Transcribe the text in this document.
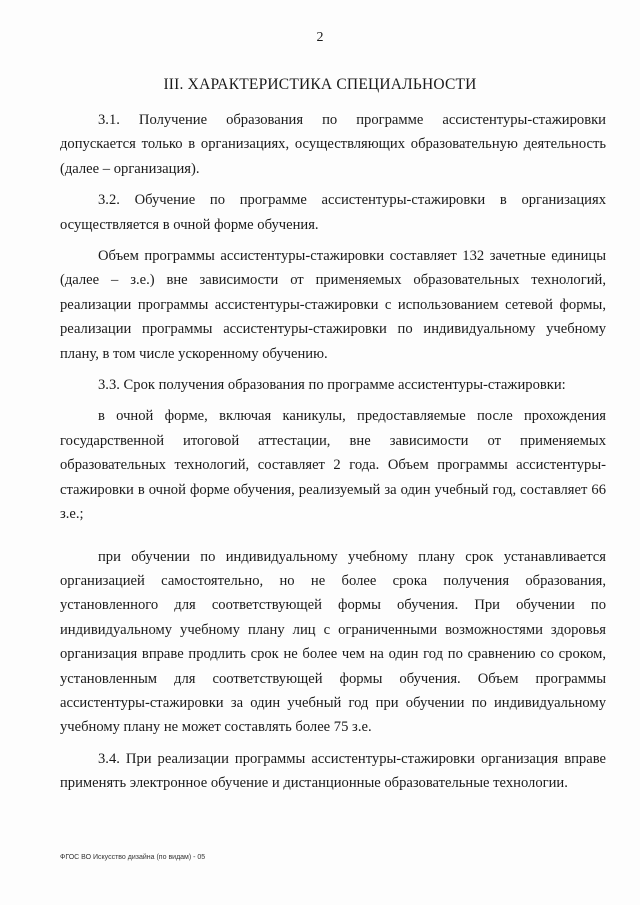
2
III. ХАРАКТЕРИСТИКА СПЕЦИАЛЬНОСТИ

3.1. Получение образования по программе ассистентуры-стажировки допускается только в организациях, осуществляющих образовательную деятельность (далее – организация).

3.2. Обучение по программе ассистентуры-стажировки в организациях осуществляется в очной форме обучения.

Объем программы ассистентуры-стажировки составляет 132 зачетные единицы (далее – з.е.) вне зависимости от применяемых образовательных технологий, реализации программы ассистентуры-стажировки с использованием сетевой формы, реализации программы ассистентуры-стажировки по индивидуальному учебному плану, в том числе ускоренному обучению.

3.3. Срок получения образования по программе ассистентуры-стажировки:

в очной форме, включая каникулы, предоставляемые после прохождения государственной итоговой аттестации, вне зависимости от применяемых образовательных технологий, составляет 2 года. Объем программы ассистентуры-стажировки в очной форме обучения, реализуемый за один учебный год, составляет 66 з.е.;

при обучении по индивидуальному учебному плану срок устанавливается организацией самостоятельно, но не более срока получения образования, установленного для соответствующей формы обучения. При обучении по индивидуальному учебному плану лиц с ограниченными возможностями здоровья организация вправе продлить срок не более чем на один год по сравнению со сроком, установленным для соответствующей формы обучения. Объем программы ассистентуры-стажировки за один учебный год при обучении по индивидуальному учебному плану не может составлять более 75 з.е.

3.4. При реализации программы ассистентуры-стажировки организация вправе применять электронное обучение и дистанционные образовательные технологии.

ФГОС ВО Искусство дизайна (по видам) - 05
